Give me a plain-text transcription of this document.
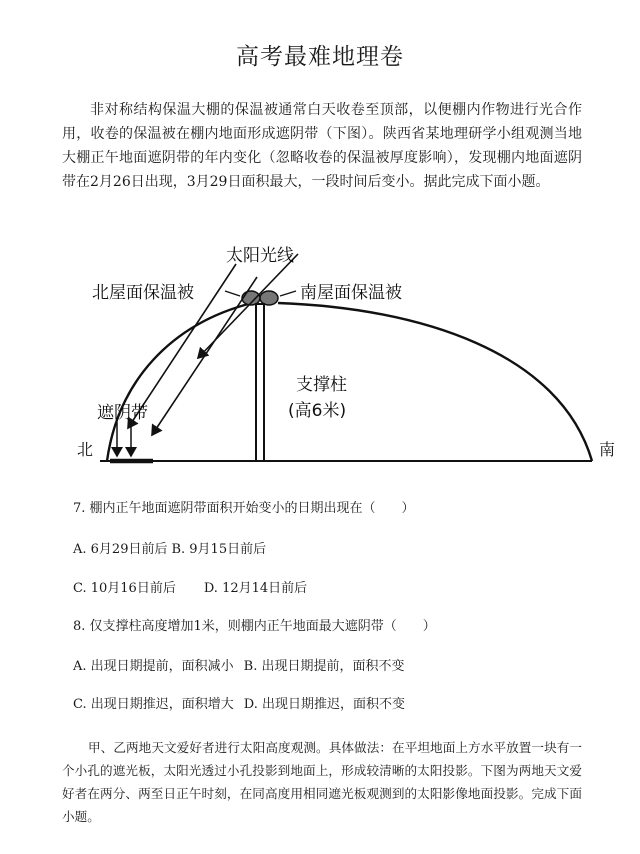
高考最难地理卷

非对称结构保温大棚的保温被通常白天收卷至顶部，以便棚内作物进行光合作用，收卷的保温被在棚内地面形成遮阴带（下图）。陕西省某地理研学小组观测当地大棚正午地面遮阴带的年内变化（忽略收卷的保温被厚度影响），发现棚内地面遮阴带在2月26日出现，3月29日面积最大，一段时间后变小。据此完成下面小题。

太阳光线
北屋面保温被	南屋面保温被
遮阴带
支撑柱
(高6米)
北	南

7. 棚内正午地面遮阴带面积开始变小的日期出现在（　　）

A. 6月29日前后 B. 9月15日前后

C. 10月16日前后 D. 12月14日前后

8. 仅支撑柱高度增加1米，则棚内正午地面最大遮阴带（　　）

A. 出现日期提前，面积减小 B. 出现日期提前，面积不变

C. 出现日期推迟，面积增大 D. 出现日期推迟，面积不变

甲、乙两地天文爱好者进行太阳高度观测。具体做法：在平坦地面上方水平放置一块有一个小孔的遮光板，太阳光透过小孔投影到地面上，形成较清晰的太阳投影。下图为两地天文爱好者在两分、两至日正午时刻，在同高度用相同遮光板观测到的太阳影像地面投影。完成下面小题。
